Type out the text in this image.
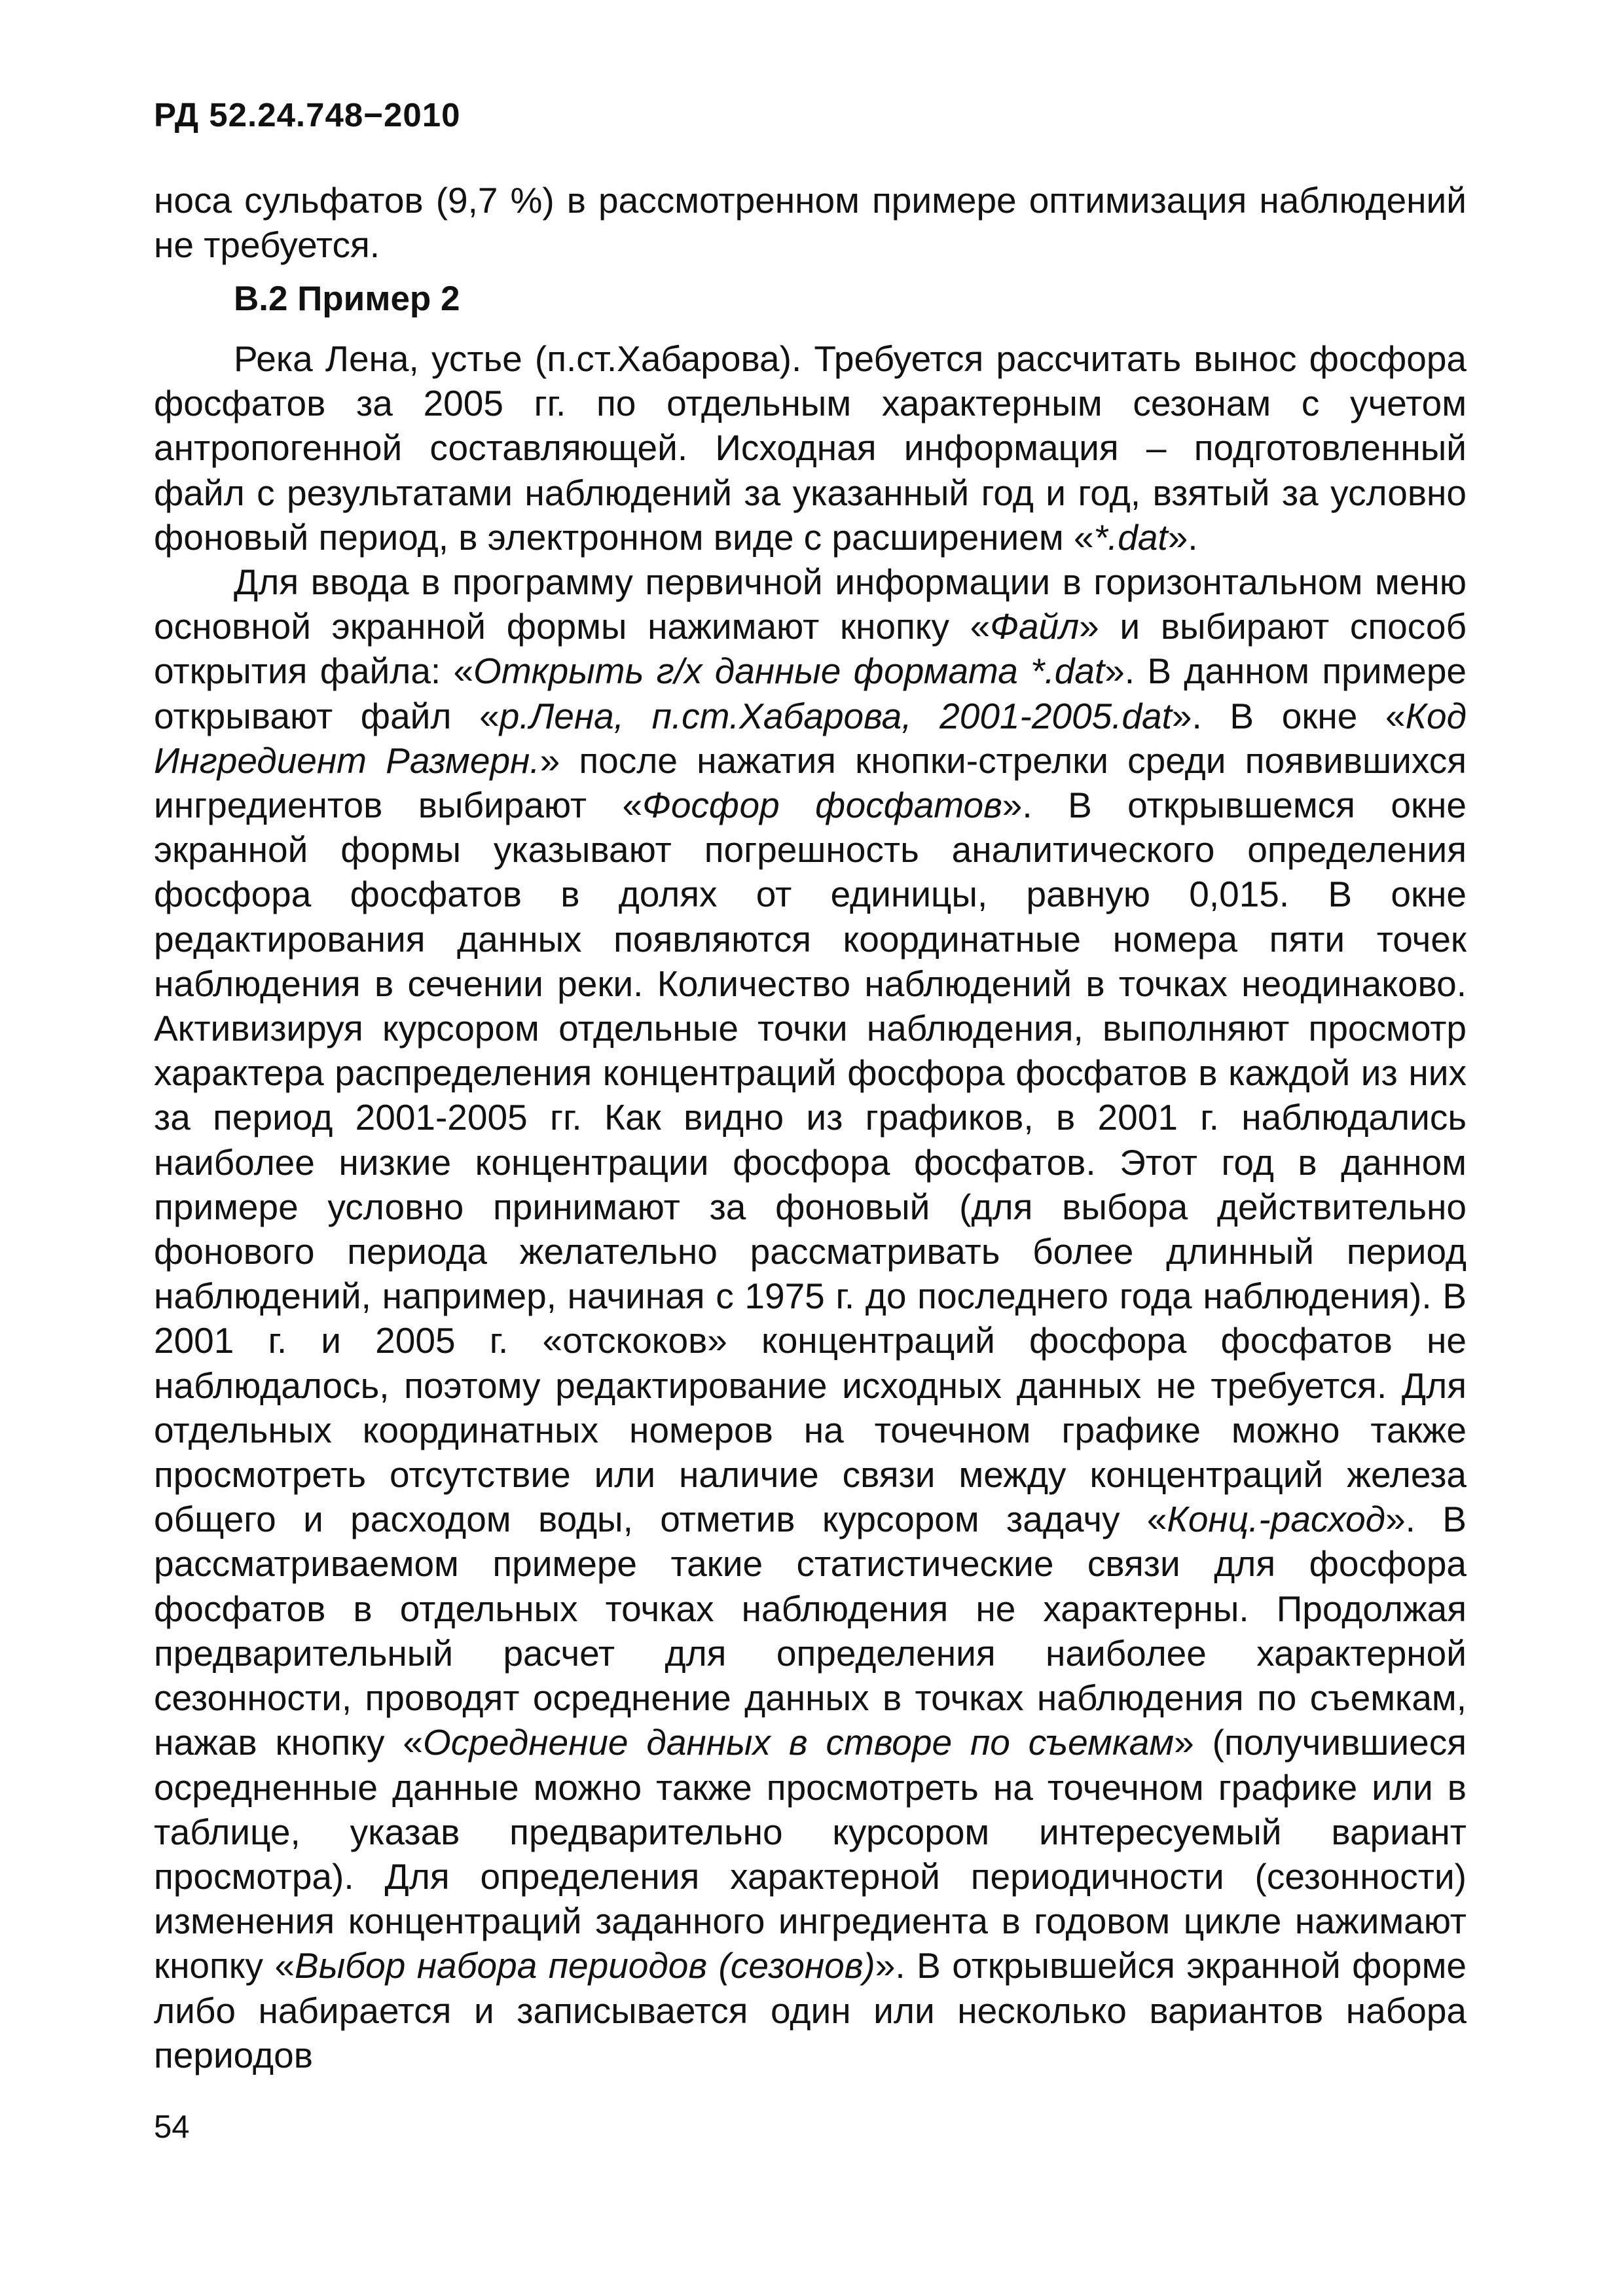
РД 52.24.748−2010

носа сульфатов (9,7 %) в рассмотренном примере оптимизация наблюдений не требуется.

В.2 Пример 2

Река Лена, устье (п.ст.Хабарова). Требуется рассчитать вынос фосфора фосфатов за 2005 гг. по отдельным характерным сезонам с учетом антропогенной составляющей. Исходная информация – подготовленный файл с результатами наблюдений за указанный год и год, взятый за условно фоновый период, в электронном виде с расширением «*.dat».

Для ввода в программу первичной информации в горизонтальном меню основной экранной формы нажимают кнопку «Файл» и выбирают способ открытия файла: «Открыть г/х данные формата *.dat». В данном примере открывают файл «р.Лена, п.ст.Хабарова, 2001-2005.dat». В окне «Код Ингредиент Размерн.» после нажатия кнопки-стрелки среди появившихся ингредиентов выбирают «Фосфор фосфатов». В открывшемся окне экранной формы указывают погрешность аналитического определения фосфора фосфатов в долях от единицы, равную 0,015. В окне редактирования данных появляются координатные номера пяти точек наблюдения в сечении реки. Количество наблюдений в точках неодинаково. Активизируя курсором отдельные точки наблюдения, выполняют просмотр характера распределения концентраций фосфора фосфатов в каждой из них за период 2001-2005 гг. Как видно из графиков, в 2001 г. наблюдались наиболее низкие концентрации фосфора фосфатов. Этот год в данном примере условно принимают за фоновый (для выбора действительно фонового периода желательно рассматривать более длинный период наблюдений, например, начиная с 1975 г. до последнего года наблюдения). В 2001 г. и 2005 г. «отскоков» концентраций фосфора фосфатов не наблюдалось, поэтому редактирование исходных данных не требуется. Для отдельных координатных номеров на точечном графике можно также просмотреть отсутствие или наличие связи между концентраций железа общего и расходом воды, отметив курсором задачу «Конц.-расход». В рассматриваемом примере такие статистические связи для фосфора фосфатов в отдельных точках наблюдения не характерны. Продолжая предварительный расчет для определения наиболее характерной сезонности, проводят осреднение данных в точках наблюдения по съемкам, нажав кнопку «Осреднение данных в створе по съемкам» (получившиеся осредненные данные можно также просмотреть на точечном графике или в таблице, указав предварительно курсором интересуемый вариант просмотра). Для определения характерной периодичности (сезонности) изменения концентраций заданного ингредиента в годовом цикле нажимают кнопку «Выбор набора периодов (сезонов)». В открывшейся экранной форме либо набирается и записывается один или несколько вариантов набора периодов

54
